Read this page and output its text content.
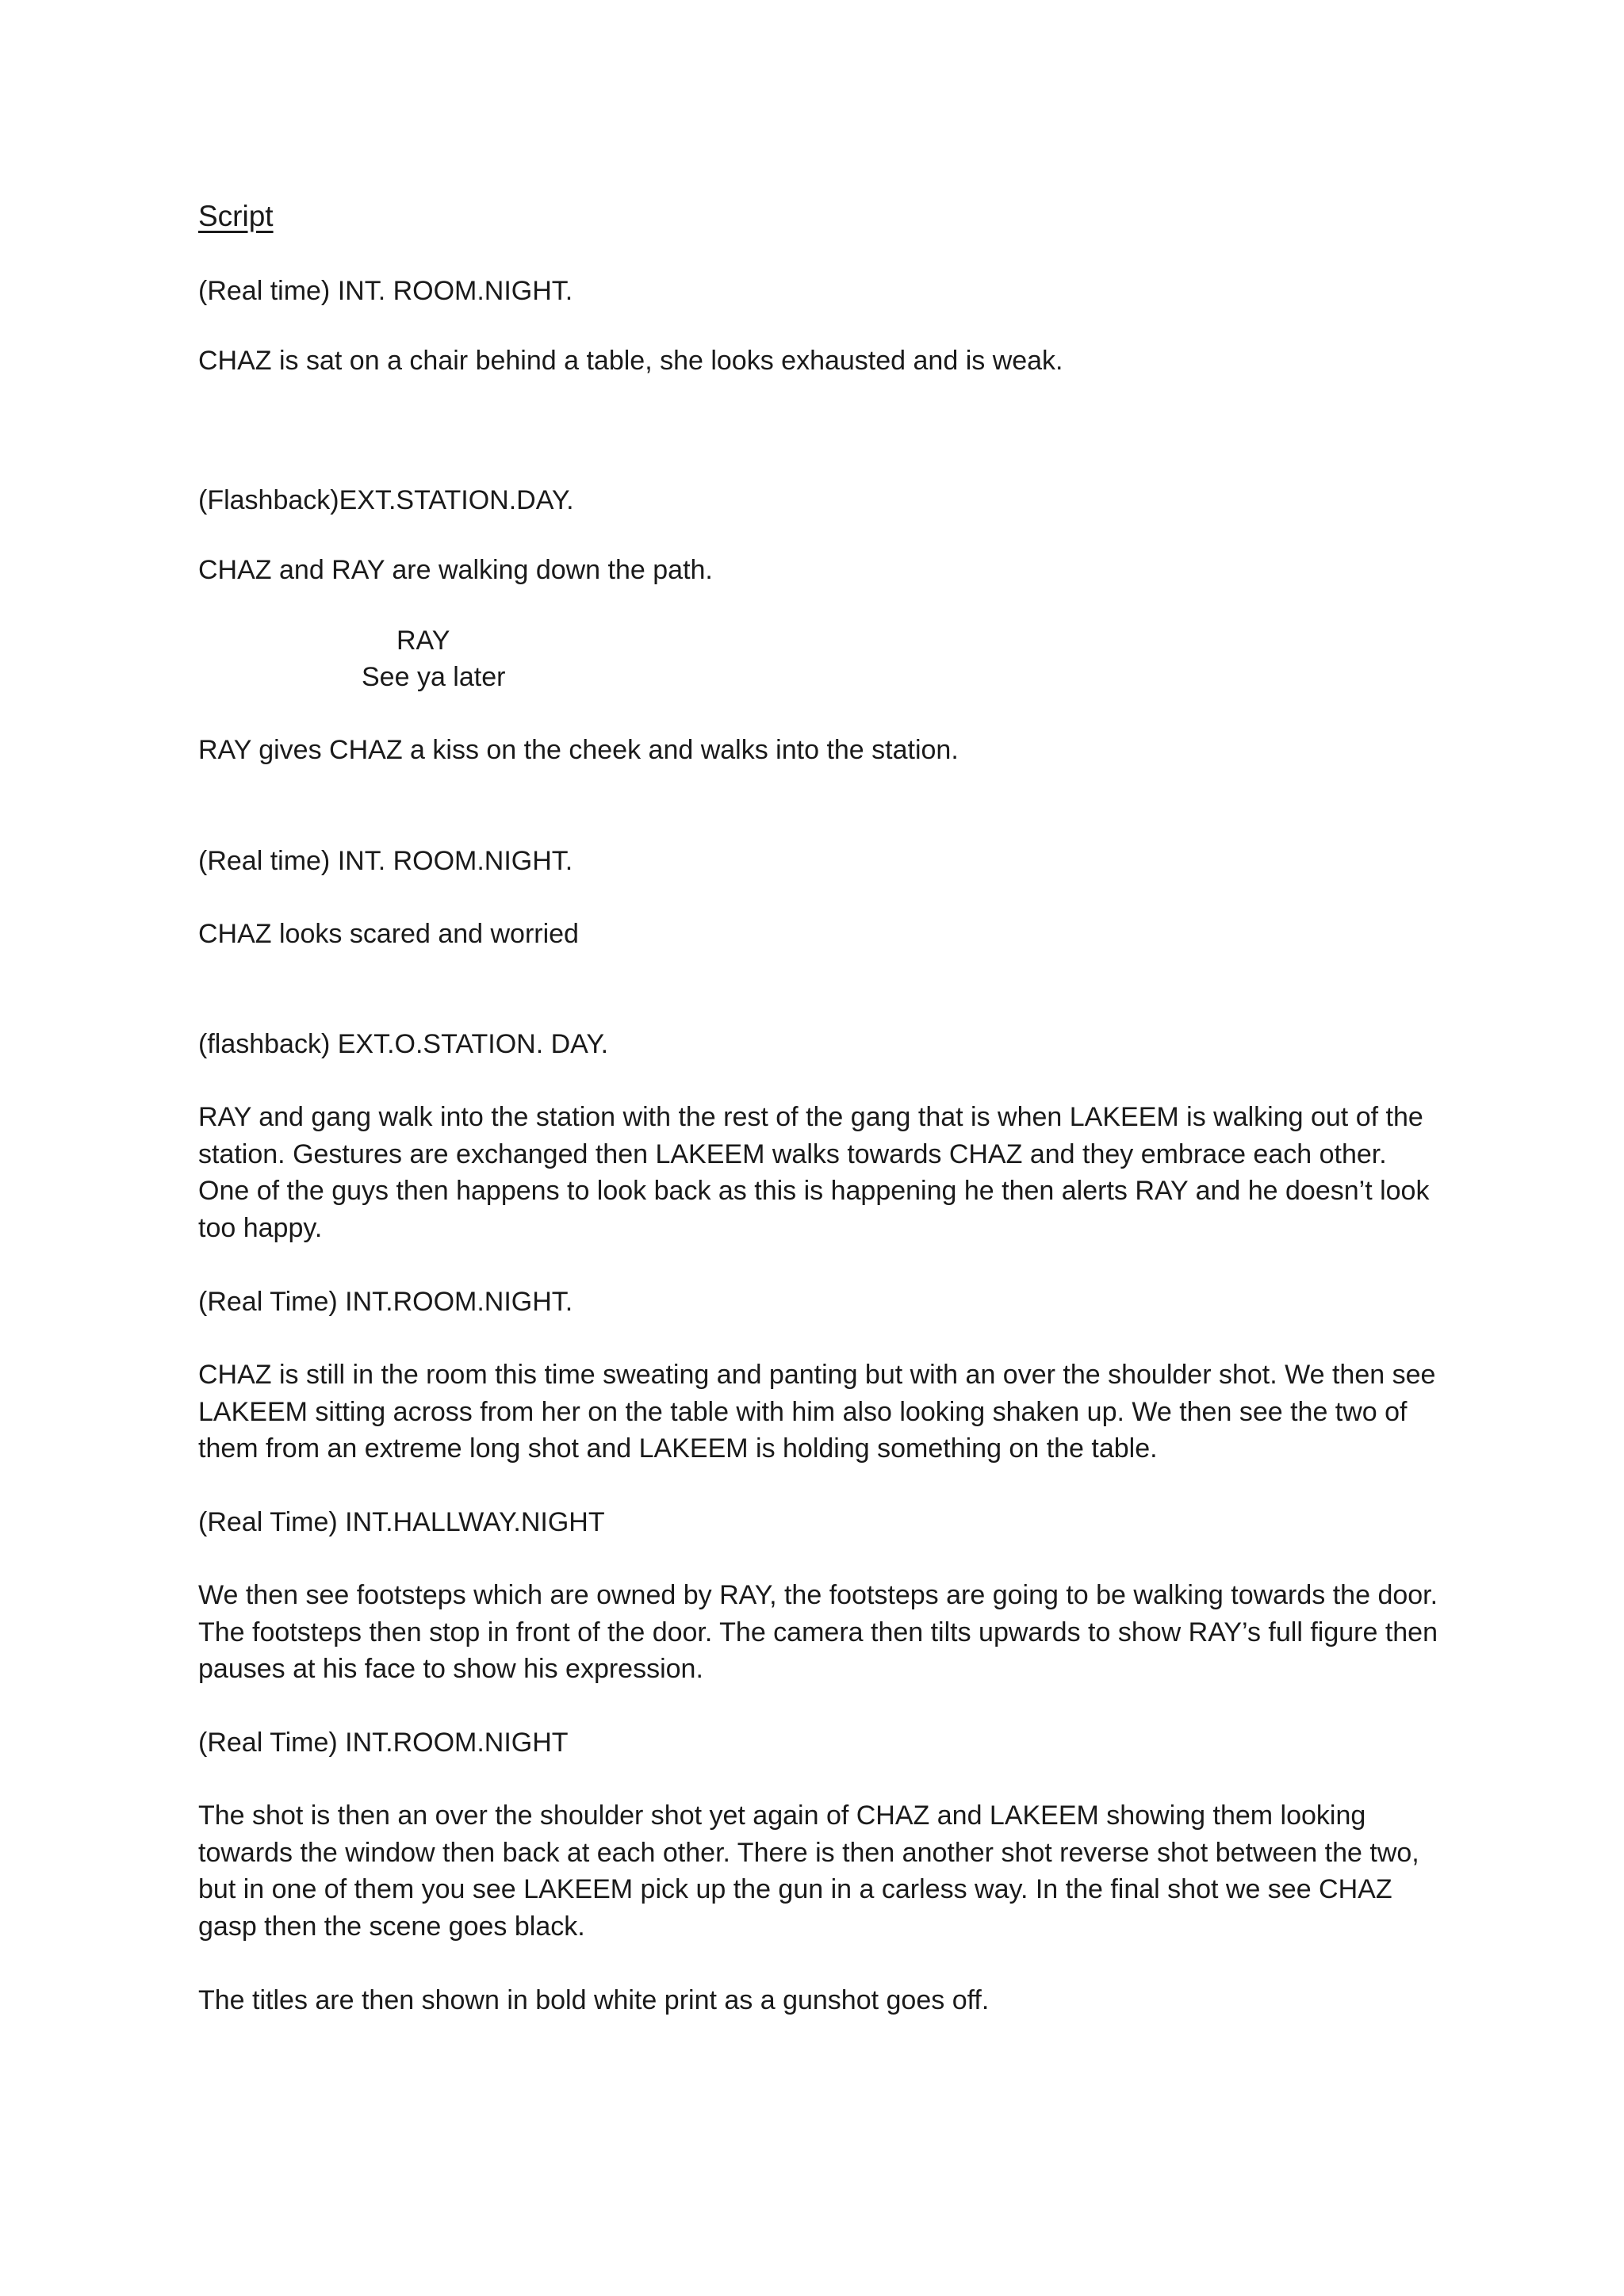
Script
(Real time) INT. ROOM.NIGHT.
CHAZ is sat on a chair behind a table, she looks exhausted and is weak.
(Flashback)EXT.STATION.DAY.
CHAZ and RAY are walking down the path.
RAY
See ya later
RAY gives CHAZ a kiss on the cheek and walks into the station.
(Real time) INT. ROOM.NIGHT.
CHAZ looks scared and worried
(flashback) EXT.O.STATION. DAY.

RAY and gang walk into the station with the rest of the gang that is when LAKEEM is walking out of the station. Gestures are exchanged then LAKEEM walks towards CHAZ and they embrace each other. One of the guys then happens to look back as this is happening he then alerts RAY and he doesn’t look too happy.

(Real Time) INT.ROOM.NIGHT.

CHAZ is still in the room this time sweating and panting but with an over the shoulder shot. We then see LAKEEM sitting across from her on the table with him also looking shaken up. We then see the two of them from an extreme long shot and LAKEEM is holding something on the table.

(Real Time) INT.HALLWAY.NIGHT

We then see footsteps which are owned by RAY, the footsteps are going to be walking towards the door. The footsteps then stop in front of the door. The camera then tilts upwards to show RAY’s full figure then pauses at his face to show his expression.

(Real Time) INT.ROOM.NIGHT

The shot is then an over the shoulder shot yet again of CHAZ and LAKEEM showing them looking towards the window then back at each other. There is then another shot reverse shot between the two, but in one of them you see LAKEEM pick up the gun in a carless way. In the final shot we see CHAZ gasp then the scene goes black.

The titles are then shown in bold white print as a gunshot goes off.
